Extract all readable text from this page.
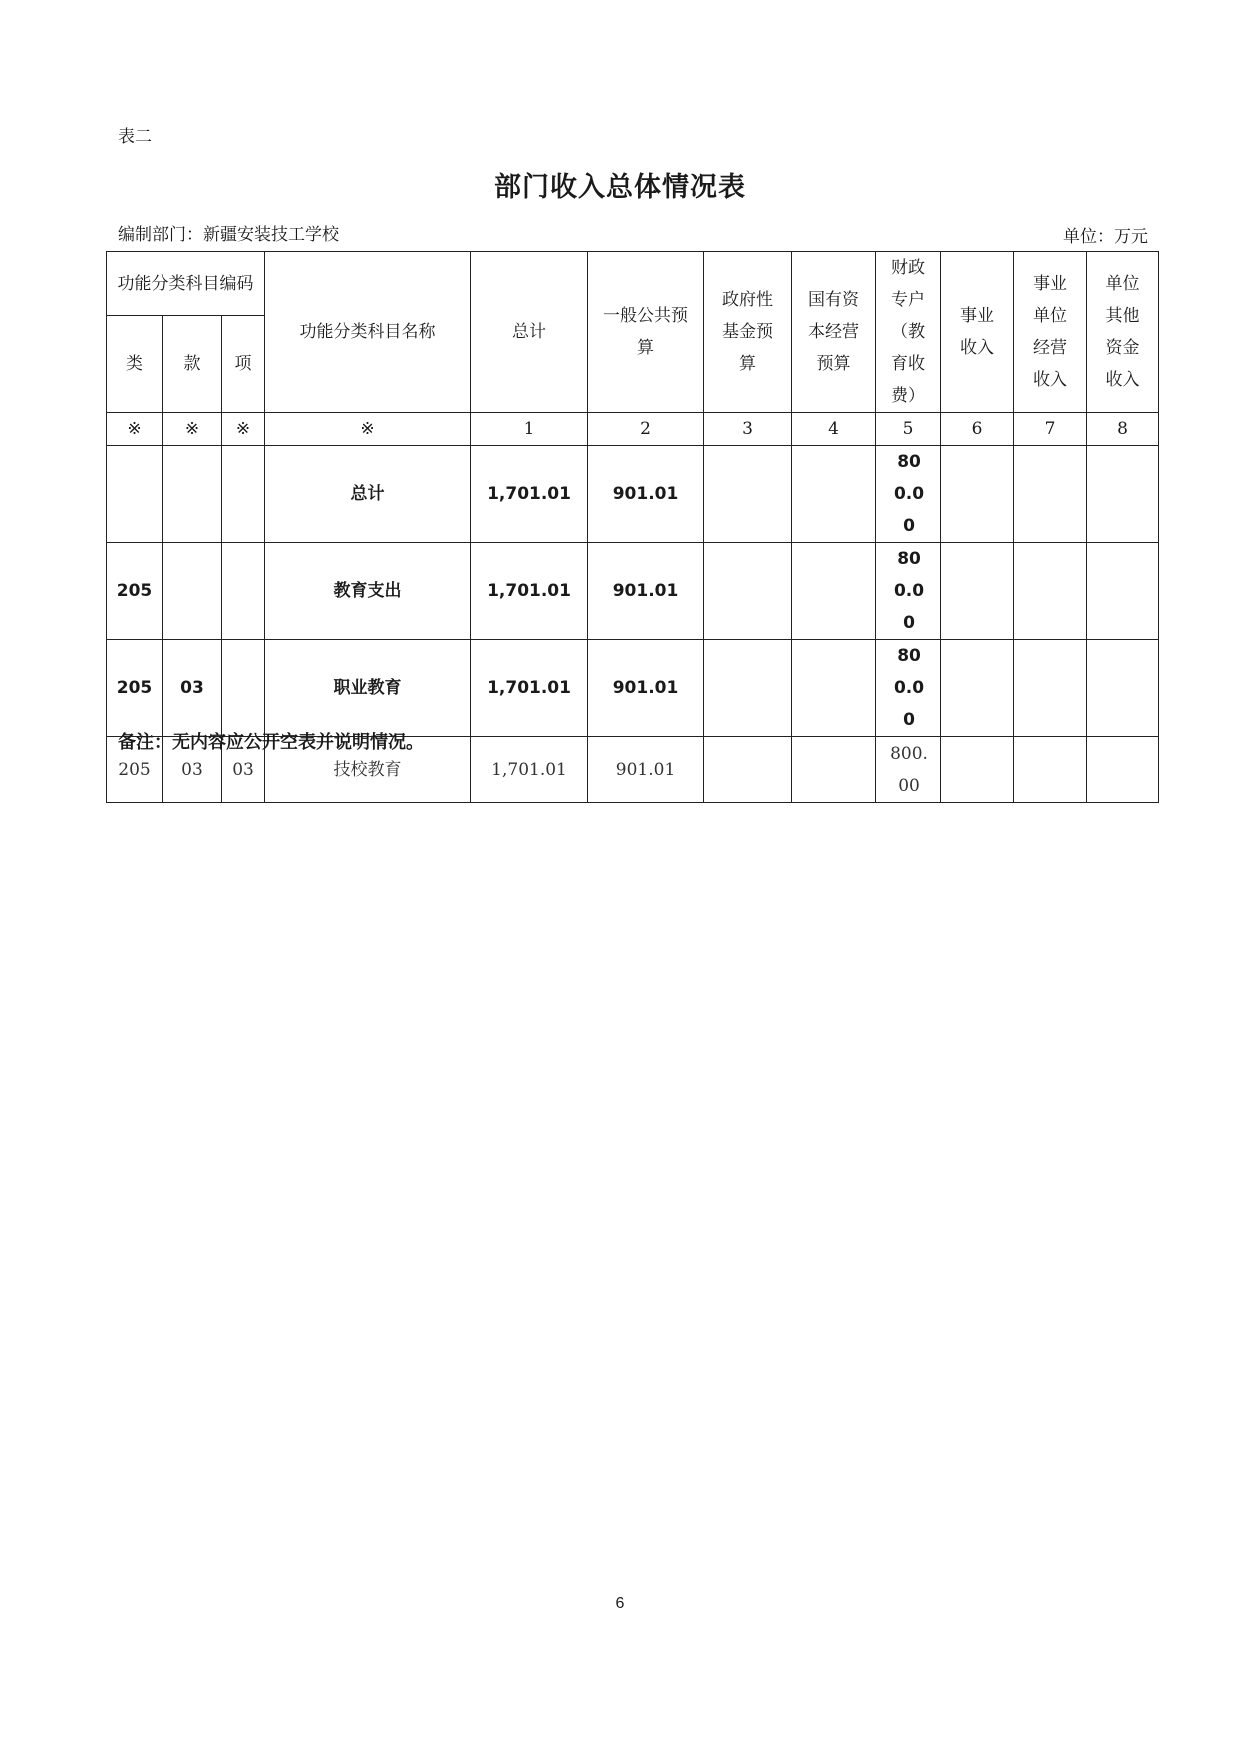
表二
部门收入总体情况表
编制部门：新疆安装技工学校	单位：万元
功能分类科目编码			功能分类科目名称	总计	一般公共预算	政府性基金预算	国有资本经营预算	财政专户（教育收费）	事业收入	事业单位经营收入	单位其他资金收入
类	款	项									
※	※	※	※	1	2	3	4	5	6	7	8
			总计	1,701.01	901.01			800.00			
205			教育支出	1,701.01	901.01			800.00			
205	03		职业教育	1,701.01	901.01			800.00			
205	03	03	技校教育	1,701.01	901.01			800.00			
备注：无内容应公开空表并说明情况。
6
